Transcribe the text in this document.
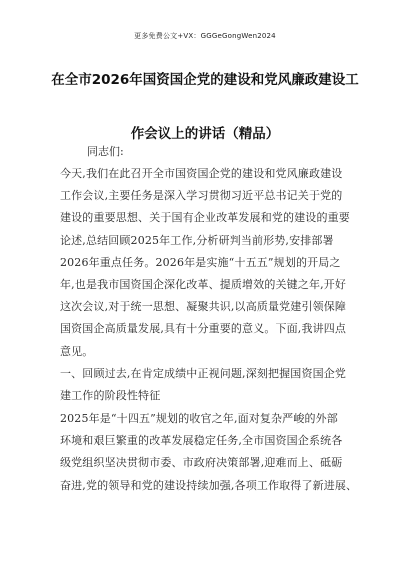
更多免费公文+VX：GGGeGongWen2024
在全市2026年国资国企党的建设和党风廉政建设工
作会议上的讲话（精品）
同志们:
今天,我们在此召开全市国资国企党的建设和党风廉政建设
工作会议,主要任务是深入学习贯彻习近平总书记关于党的
建设的重要思想、关于国有企业改革发展和党的建设的重要
论述,总结回顾2025年工作,分析研判当前形势,安排部署
2026年重点任务。2026年是实施“十五五”规划的开局之
年,也是我市国资国企深化改革、提质增效的关键之年,开好
这次会议,对于统一思想、凝聚共识,以高质量党建引领保障
国资国企高质量发展,具有十分重要的意义。下面,我讲四点
意见。
一、回顾过去,在肯定成绩中正视问题,深刻把握国资国企党
建工作的阶段性特征
2025年是“十四五”规划的收官之年,面对复杂严峻的外部
环境和艰巨繁重的改革发展稳定任务,全市国资国企系统各
级党组织坚决贯彻市委、市政府决策部署,迎难而上、砥砺
奋进,党的领导和党的建设持续加强,各项工作取得了新进展、
